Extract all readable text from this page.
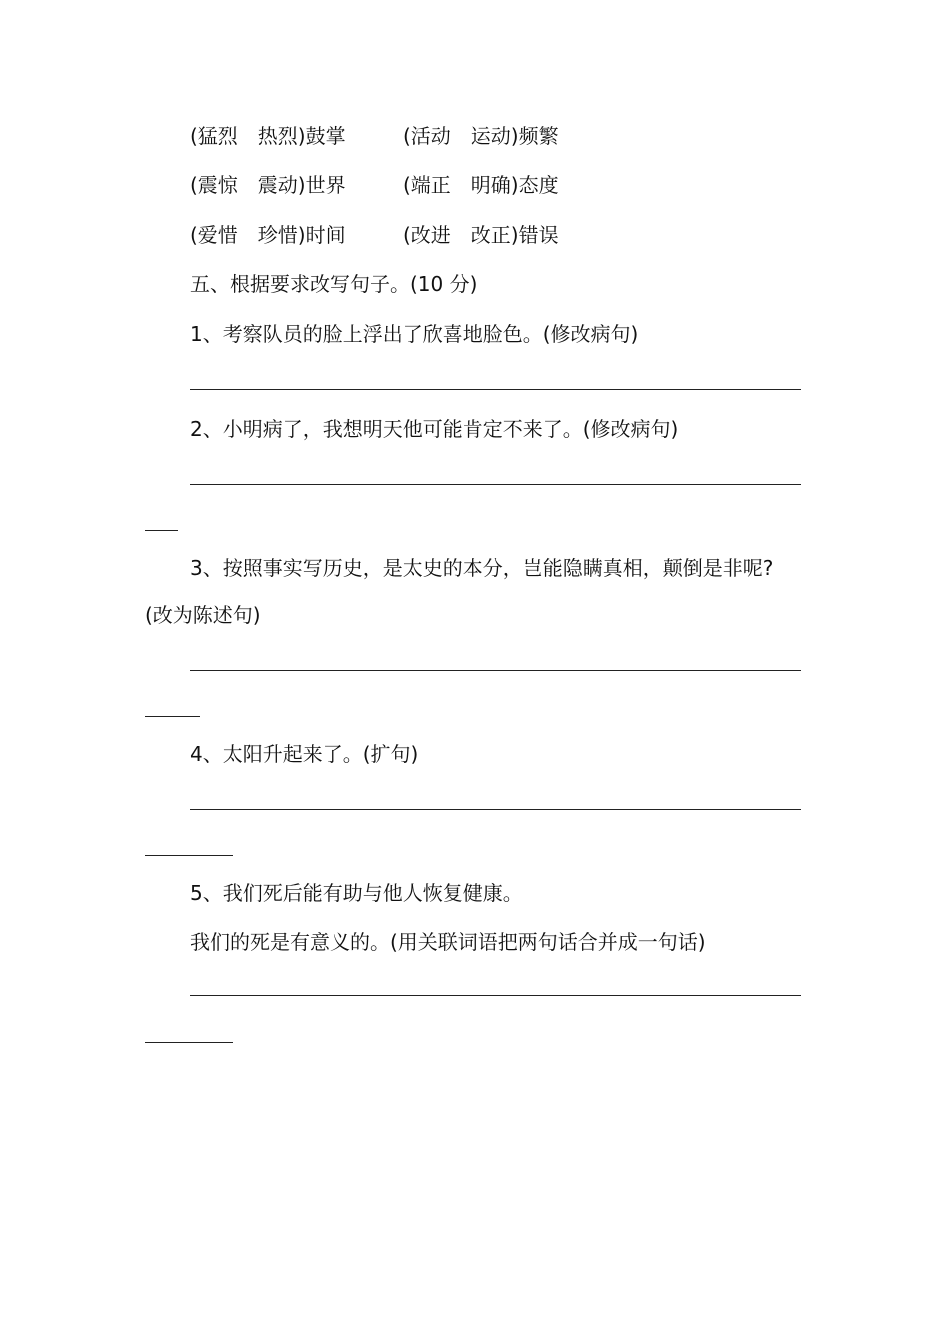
(猛烈　热烈)鼓掌	(活动　运动)频繁
(震惊　震动)世界	(端正　明确)态度
(爱惜　珍惜)时间	(改进　改正)错误
五、根据要求改写句子。(10 分)
1、考察队员的脸上浮出了欣喜地脸色。(修改病句)
2、小明病了，我想明天他可能肯定不来了。(修改病句)
3、按照事实写历史，是太史的本分，岂能隐瞒真相，颠倒是非呢?
(改为陈述句)
4、太阳升起来了。(扩句)
5、我们死后能有助与他人恢复健康。
我们的死是有意义的。(用关联词语把两句话合并成一句话)
